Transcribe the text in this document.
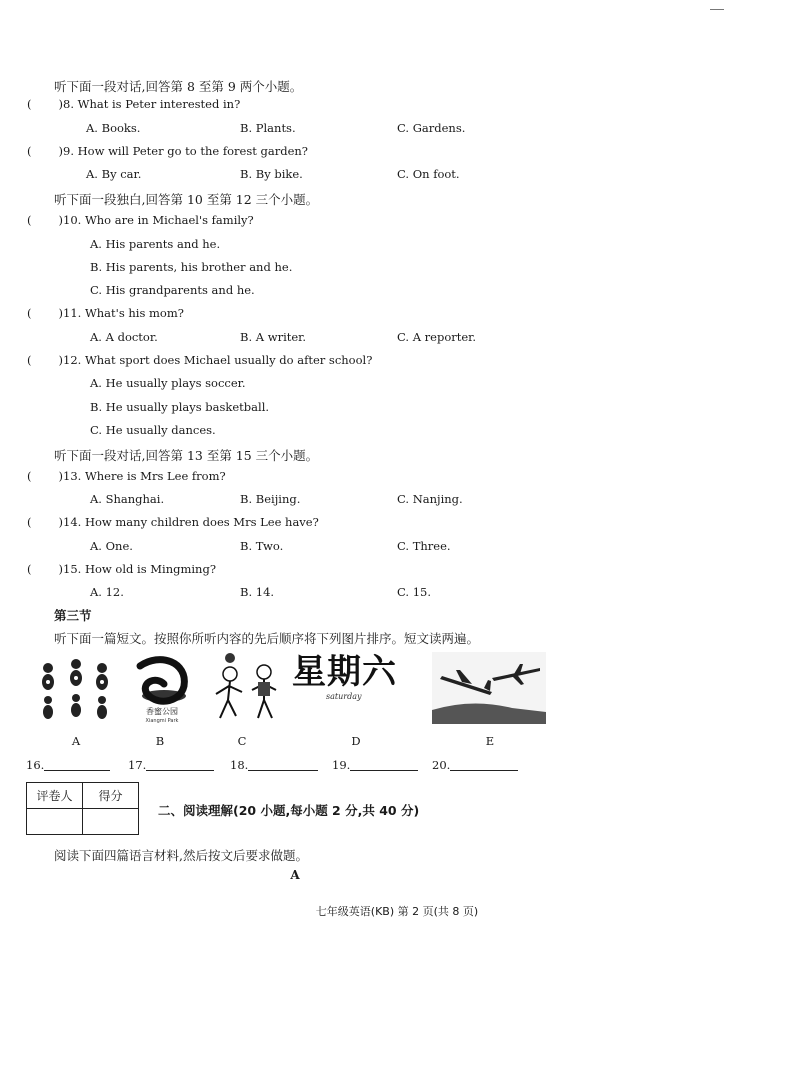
听下面一段对话,回答第 8 至第 9 两个小题。
( )8. What is Peter interested in?
A. Books.	B. Plants.	C. Gardens.
( )9. How will Peter go to the forest garden?
A. By car.	B. By bike.	C. On foot.
听下面一段独白,回答第 10 至第 12 三个小题。
( )10. Who are in Michael's family?
A. His parents and he.
B. His parents, his brother and he.
C. His grandparents and he.
( )11. What's his mom?
A. A doctor.	B. A writer.	C. A reporter.
( )12. What sport does Michael usually do after school?
A. He usually plays soccer.
B. He usually plays basketball.
C. He usually dances.
听下面一段对话,回答第 13 至第 15 三个小题。
( )13. Where is Mrs Lee from?
A. Shanghai.	B. Beijing.	C. Nanjing.
( )14. How many children does Mrs Lee have?
A. One.	B. Two.	C. Three.
( )15. How old is Mingming?
A. 12.	B. 14.	C. 15.
第三节
听下面一篇短文。按照你所听内容的先后顺序将下列图片排序。短文读两遍。
香蜜公园
Xiangmi Park
星期六
saturday
A	B	C	D	E
16.	17.	18.	19.	20.
评卷人	得分

二、阅读理解(20 小题,每小题 2 分,共 40 分)
阅读下面四篇语言材料,然后按文后要求做题。
A
七年级英语(KB) 第 2 页(共 8 页)
